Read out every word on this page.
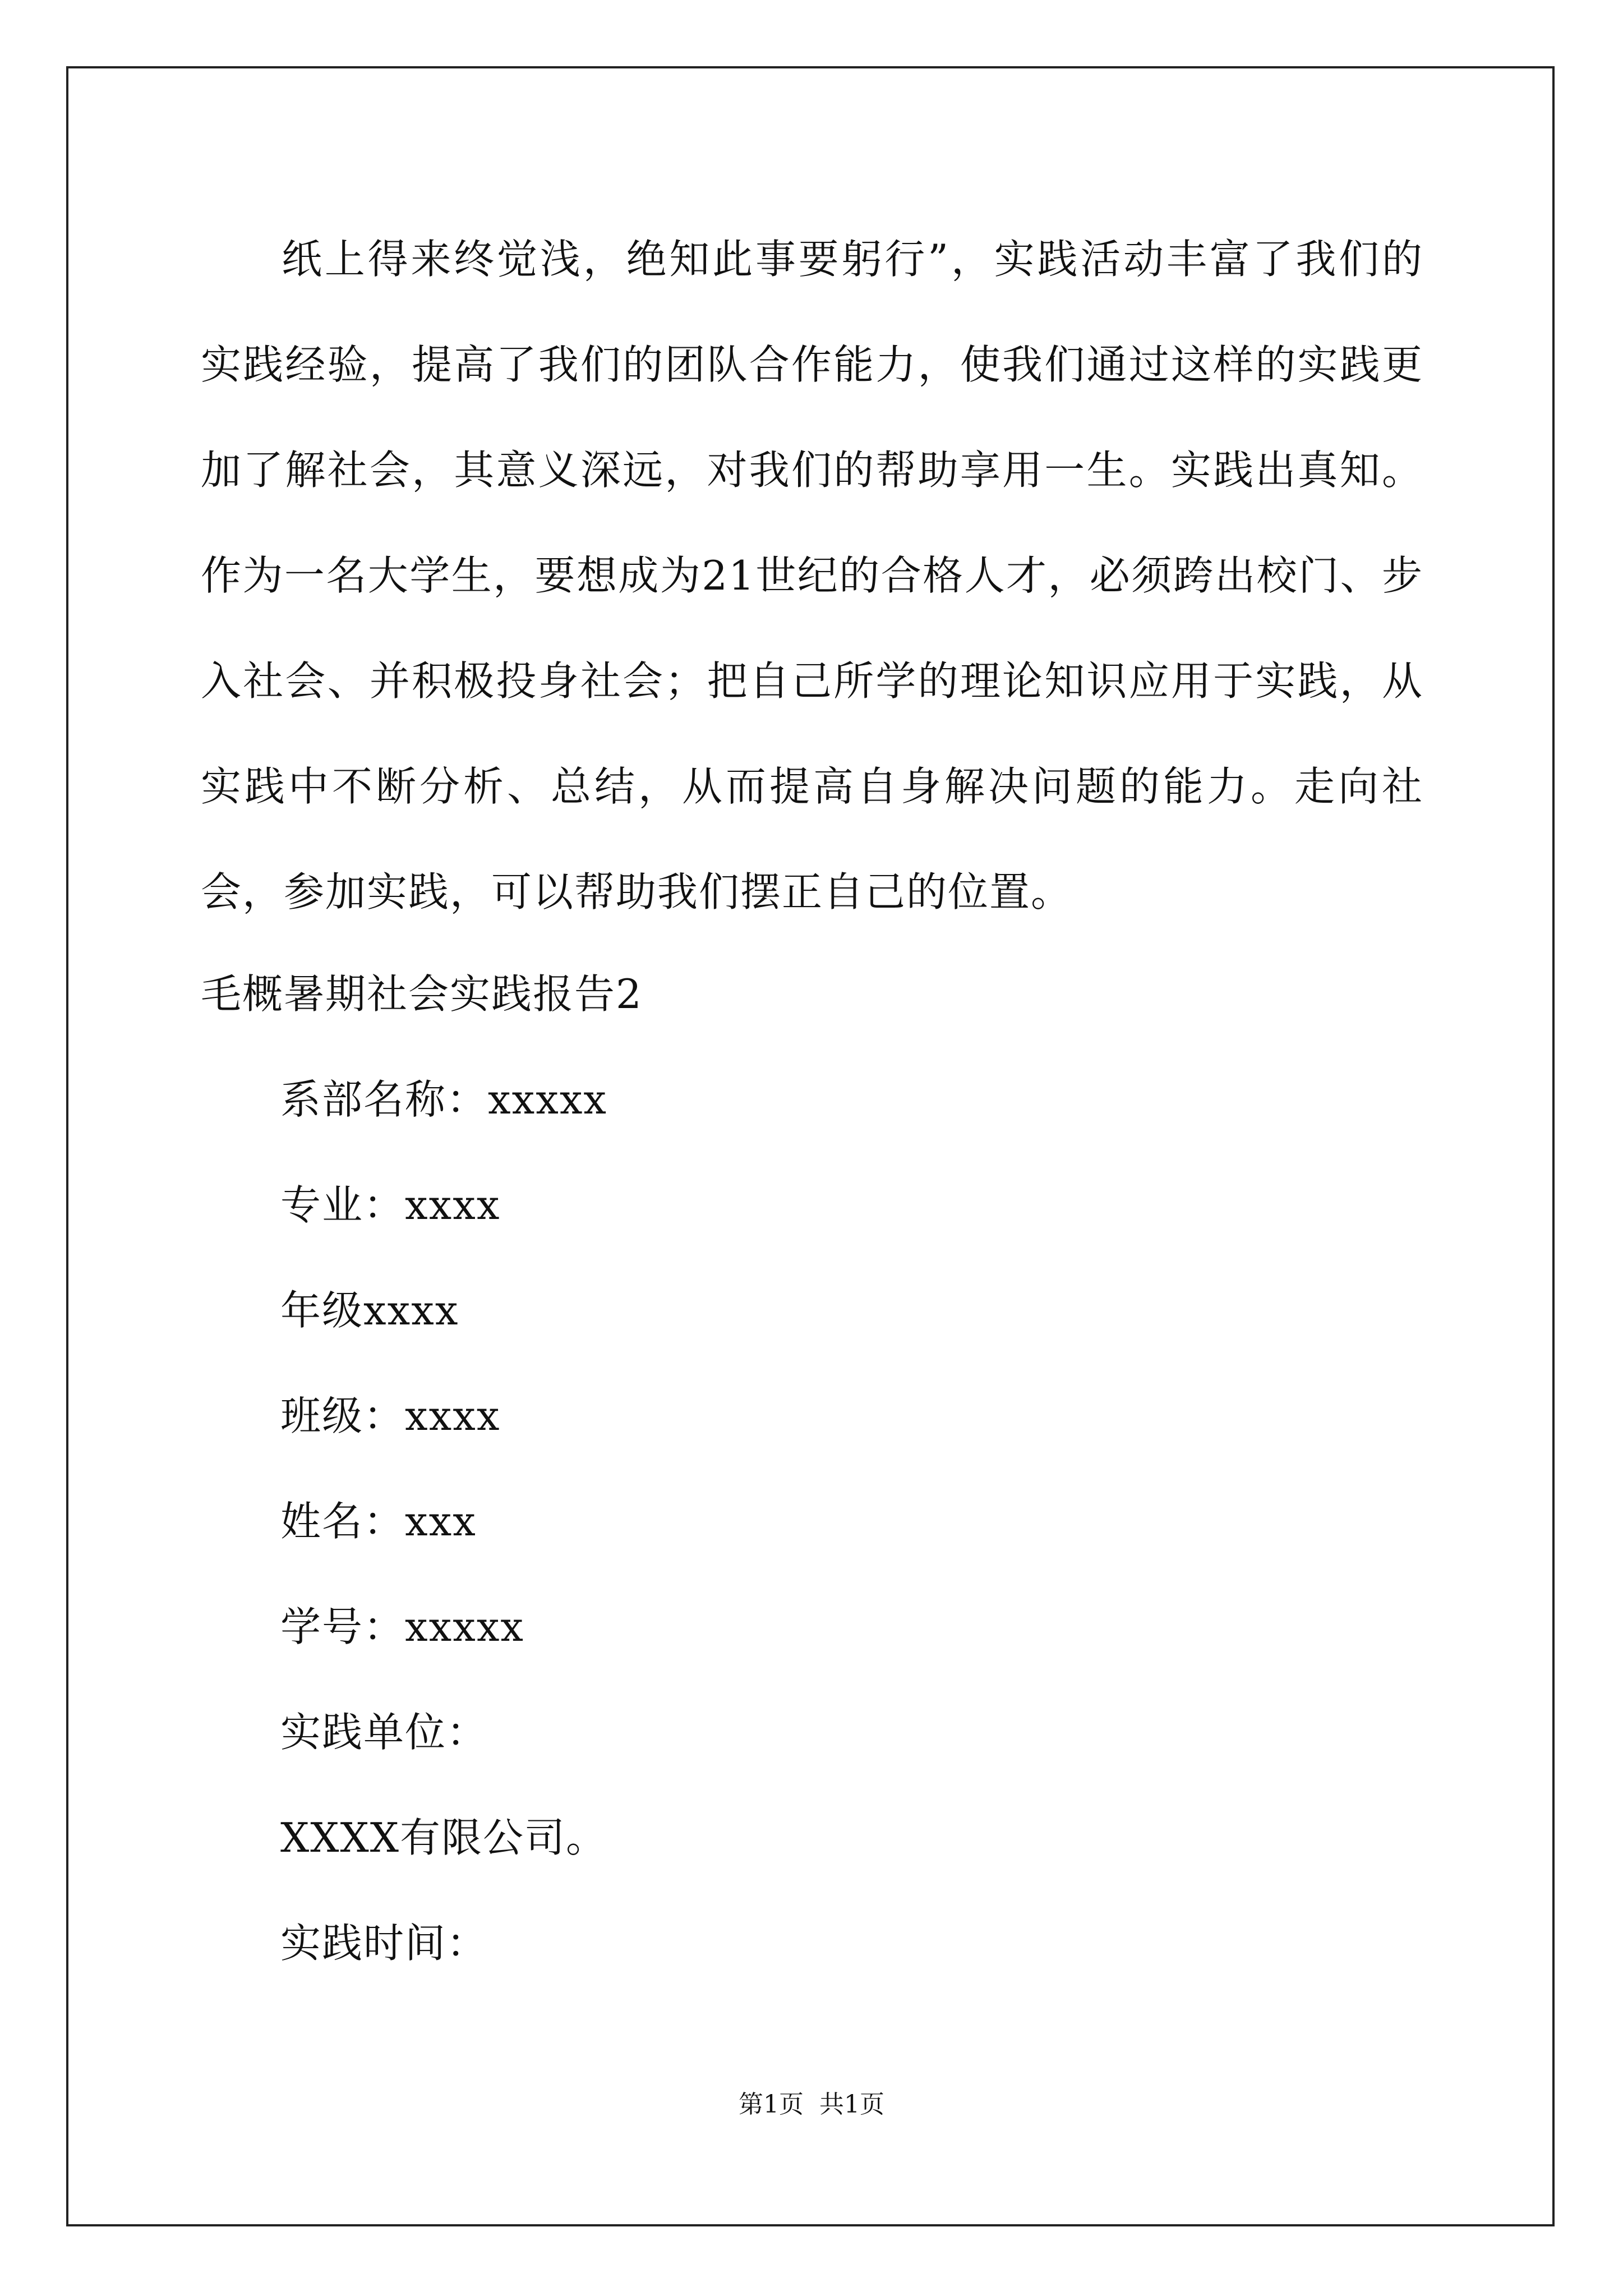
纸上得来终觉浅，绝知此事要躬行”，实践活动丰富了我们的实践经验，提高了我们的团队合作能力，使我们通过这样的实践更加了解社会，其意义深远，对我们的帮助享用一生。实践出真知。作为一名大学生，要想成为21世纪的合格人才，必须跨出校门、步入社会、并积极投身社会；把自己所学的理论知识应用于实践，从实践中不断分析、总结，从而提高自身解决问题的能力。走向社会，参加实践，可以帮助我们摆正自己的位置。

毛概暑期社会实践报告2

系部名称：xxxxx

专业：xxxx

年级xxxx

班级：xxxx

姓名：xxx

学号：xxxxx

实践单位：

XXXX有限公司。

实践时间：

第1页 共1页
